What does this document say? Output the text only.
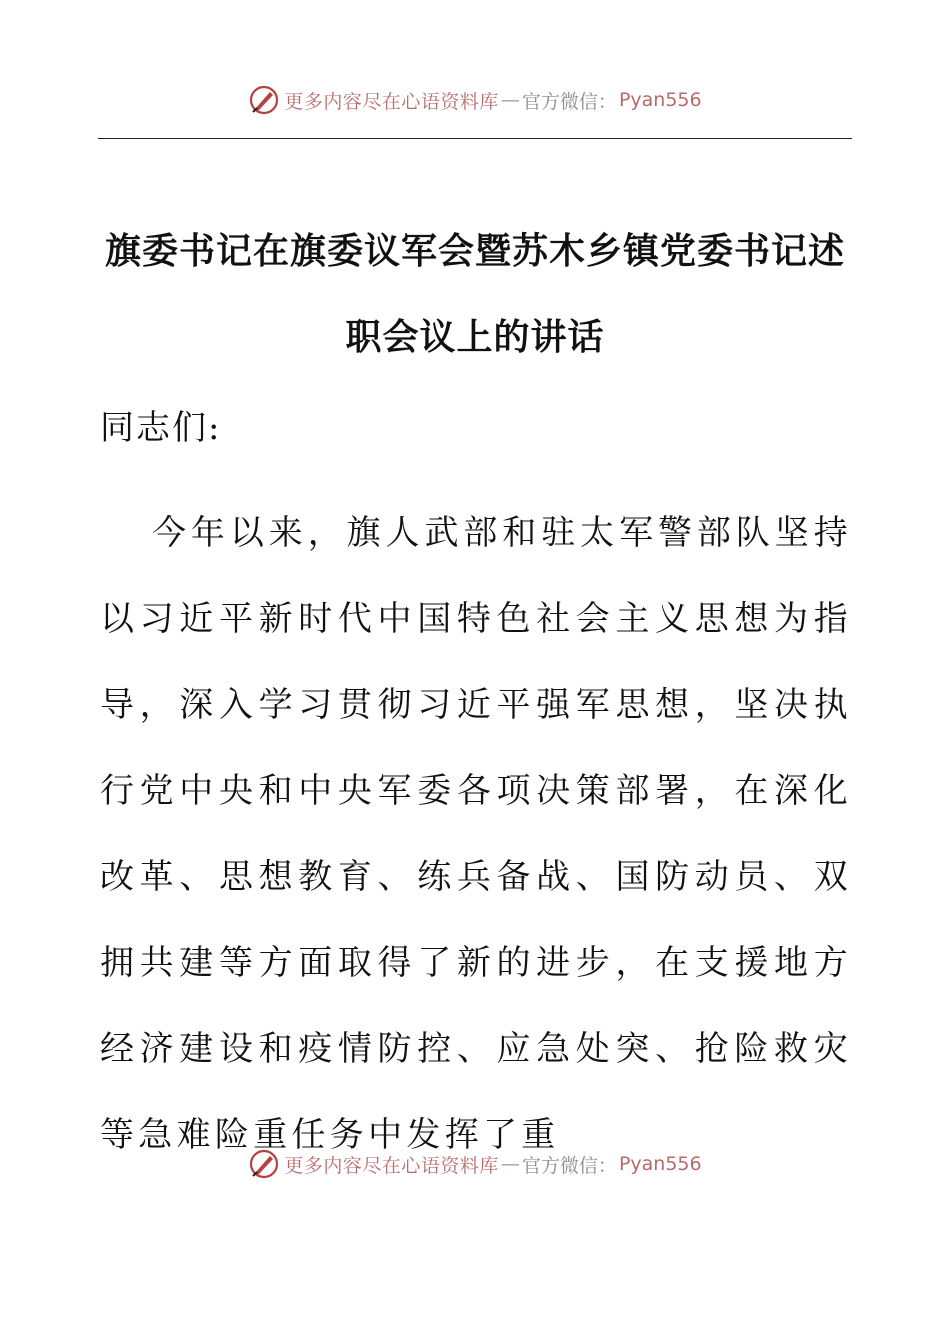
更多内容尽在心语资料库 — 官方微信： Pyan556
旗委书记在旗委议军会暨苏木乡镇党委书记述职会议上的讲话
同志们:
今年以来，旗人武部和驻太军警部队坚持以习近平新时代中国特色社会主义思想为指导，深入学习贯彻习近平强军思想，坚决执行党中央和中央军委各项决策部署，在深化改革、思想教育、练兵备战、国防动员、双拥共建等方面取得了新的进步，在支援地方经济建设和疫情防控、应急处突、抢险救灾等急难险重任务中发挥了重
更多内容尽在心语资料库 — 官方微信： Pyan556
